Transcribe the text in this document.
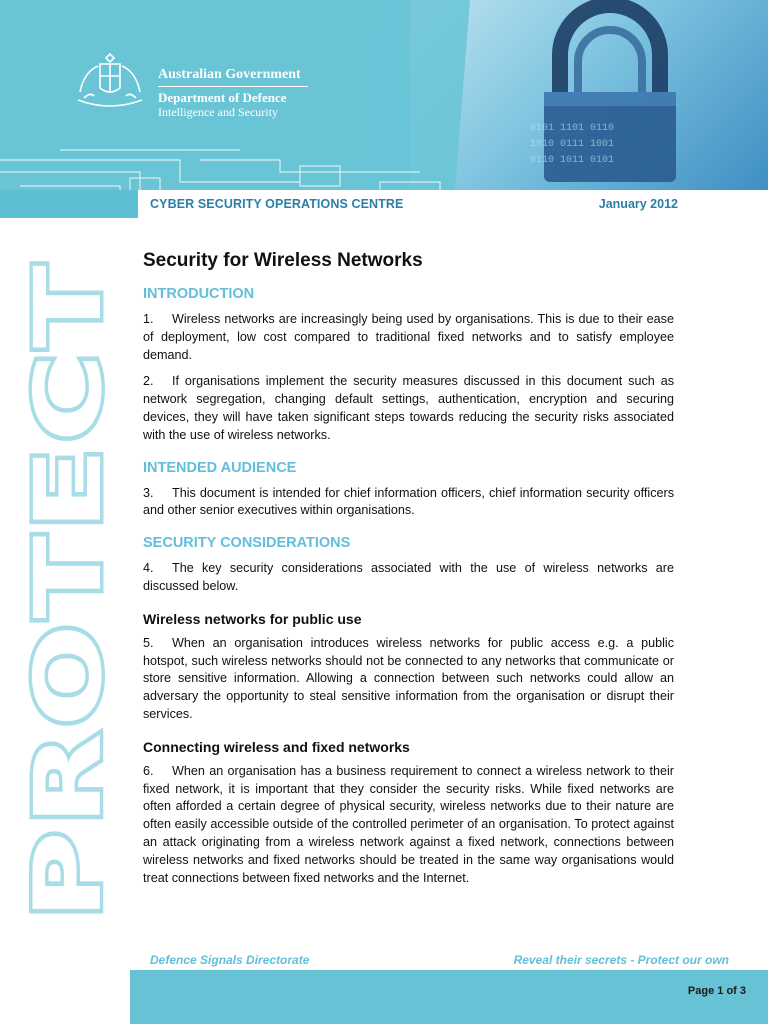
0101 1101 0110
1010 0111 1001
0110 1011 0101
Australian Government
Department of Defence
Intelligence and Security
CYBER SECURITY OPERATIONS CENTRE	January 2012
PROTECT
Security for Wireless Networks
INTRODUCTION

1. Wireless networks are increasingly being used by organisations. This is due to their ease of deployment, low cost compared to traditional fixed networks and to satisfy employee demand.

2. If organisations implement the security measures discussed in this document such as network segregation, changing default settings, authentication, encryption and securing devices, they will have taken significant steps towards reducing the security risks associated with the use of wireless networks.

INTENDED AUDIENCE

3. This document is intended for chief information officers, chief information security officers and other senior executives within organisations.

SECURITY CONSIDERATIONS

4. The key security considerations associated with the use of wireless networks are discussed below.

Wireless networks for public use

5. When an organisation introduces wireless networks for public access e.g. a public hotspot, such wireless networks should not be connected to any networks that communicate or store sensitive information. Allowing a connection between such networks could allow an adversary the opportunity to steal sensitive information from the organisation or disrupt their services.

Connecting wireless and fixed networks

6. When an organisation has a business requirement to connect a wireless network to their fixed network, it is important that they consider the security risks. While fixed networks are often afforded a certain degree of physical security, wireless networks due to their nature are often easily accessible outside of the controlled perimeter of an organisation. To protect against an attack originating from a wireless network against a fixed network, connections between wireless networks and fixed networks should be treated in the same way organisations would treat connections between fixed networks and the Internet.

Defence Signals Directorate	Reveal their secrets - Protect our own
Page 1 of 3
